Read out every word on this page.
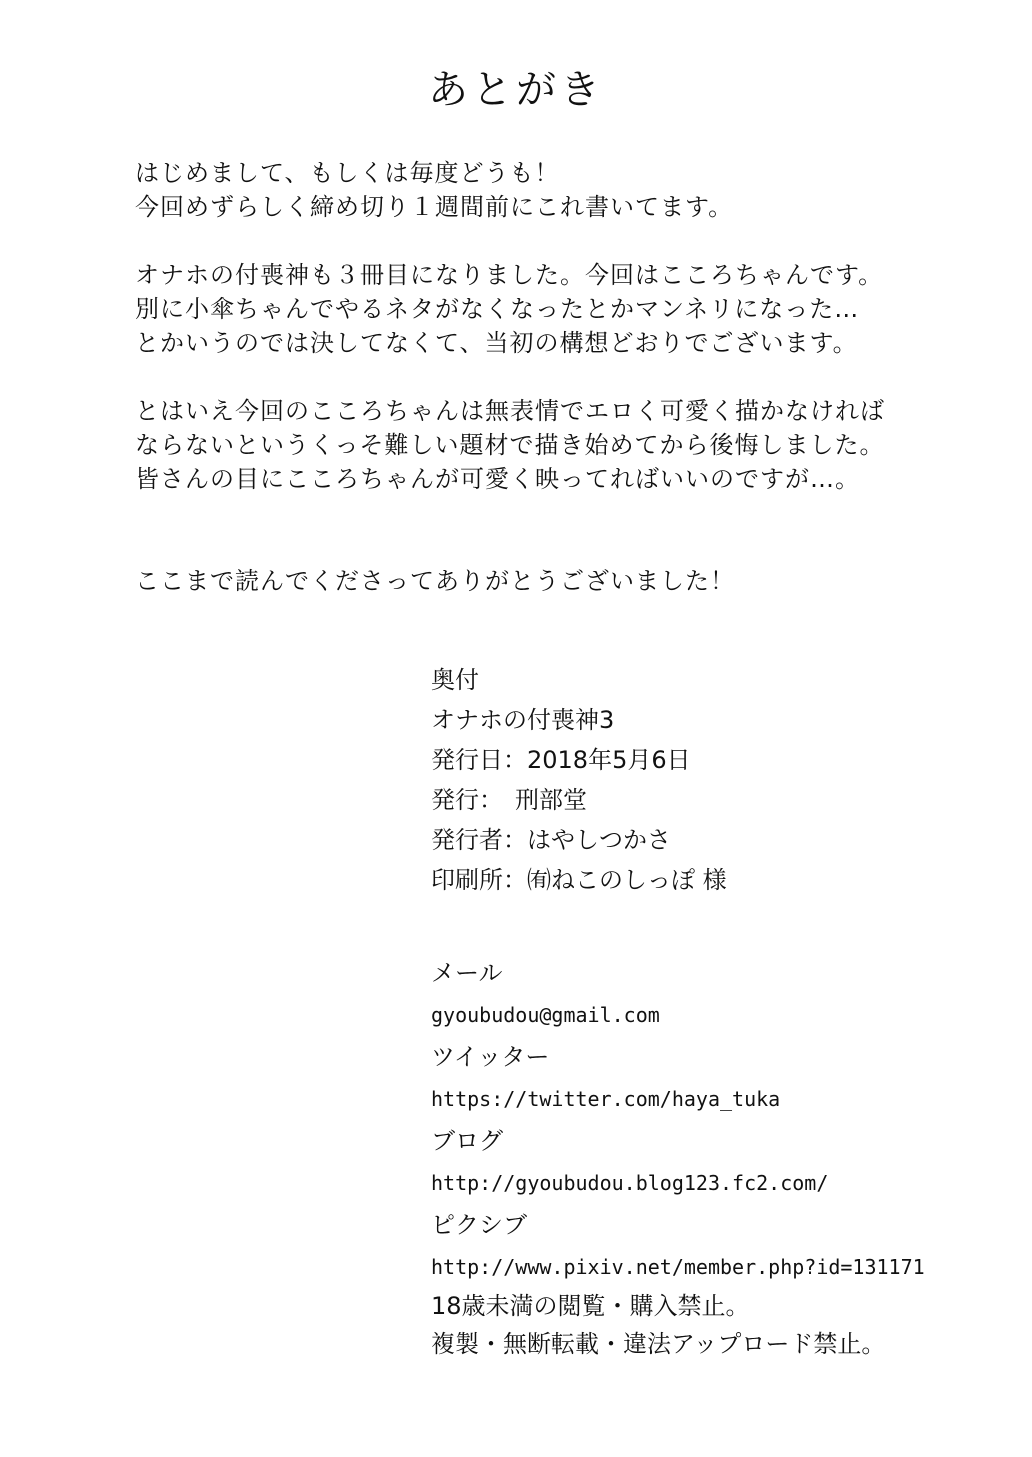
あとがき
はじめまして、もしくは毎度どうも！
今回めずらしく締め切り１週間前にこれ書いてます。
オナホの付喪神も３冊目になりました。今回はこころちゃんです。
別に小傘ちゃんでやるネタがなくなったとかマンネリになった…
とかいうのでは決してなくて、当初の構想どおりでございます。
とはいえ今回のこころちゃんは無表情でエロく可愛く描かなければ
ならないというくっそ難しい題材で描き始めてから後悔しました。
皆さんの目にこころちゃんが可愛く映ってればいいのですが…。
ここまで読んでくださってありがとうございました！
奥付
オナホの付喪神3
発行日：2018年5月6日
発行：　刑部堂
発行者：はやしつかさ
印刷所：㈲ねこのしっぽ 様
メール
gyoubudou@gmail.com
ツイッター
https://twitter.com/haya_tuka
ブログ
http://gyoubudou.blog123.fc2.com/
ピクシブ
http://www.pixiv.net/member.php?id=131171
18歳未満の閲覧・購入禁止。
複製・無断転載・違法アップロード禁止。
